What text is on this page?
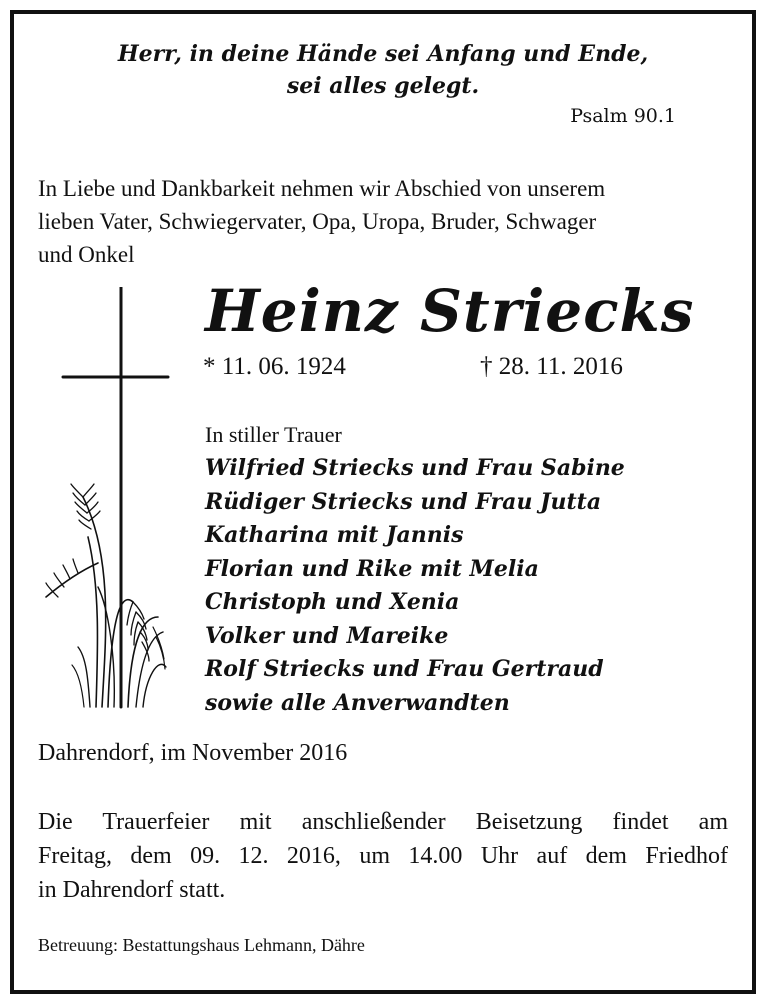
Herr, in deine Hände sei Anfang und Ende,
sei alles gelegt.
Psalm 90.1
In Liebe und Dankbarkeit nehmen wir Abschied von unserem
lieben Vater, Schwiegervater, Opa, Uropa, Bruder, Schwager
und Onkel
Heinz Striecks
* 11. 06. 1924	† 28. 11. 2016
In stiller Trauer
Wilfried Striecks und Frau Sabine
Rüdiger Striecks und Frau Jutta
Katharina mit Jannis
Florian und Rike mit Melia
Christoph und Xenia
Volker und Mareike
Rolf Striecks und Frau Gertraud
sowie alle Anverwandten
Dahrendorf, im November 2016
Die Trauerfeier mit anschließender Beisetzung findet am
Freitag, dem 09. 12. 2016, um 14.00 Uhr auf dem Friedhof
in Dahrendorf statt.
Betreuung: Bestattungshaus Lehmann, Dähre
